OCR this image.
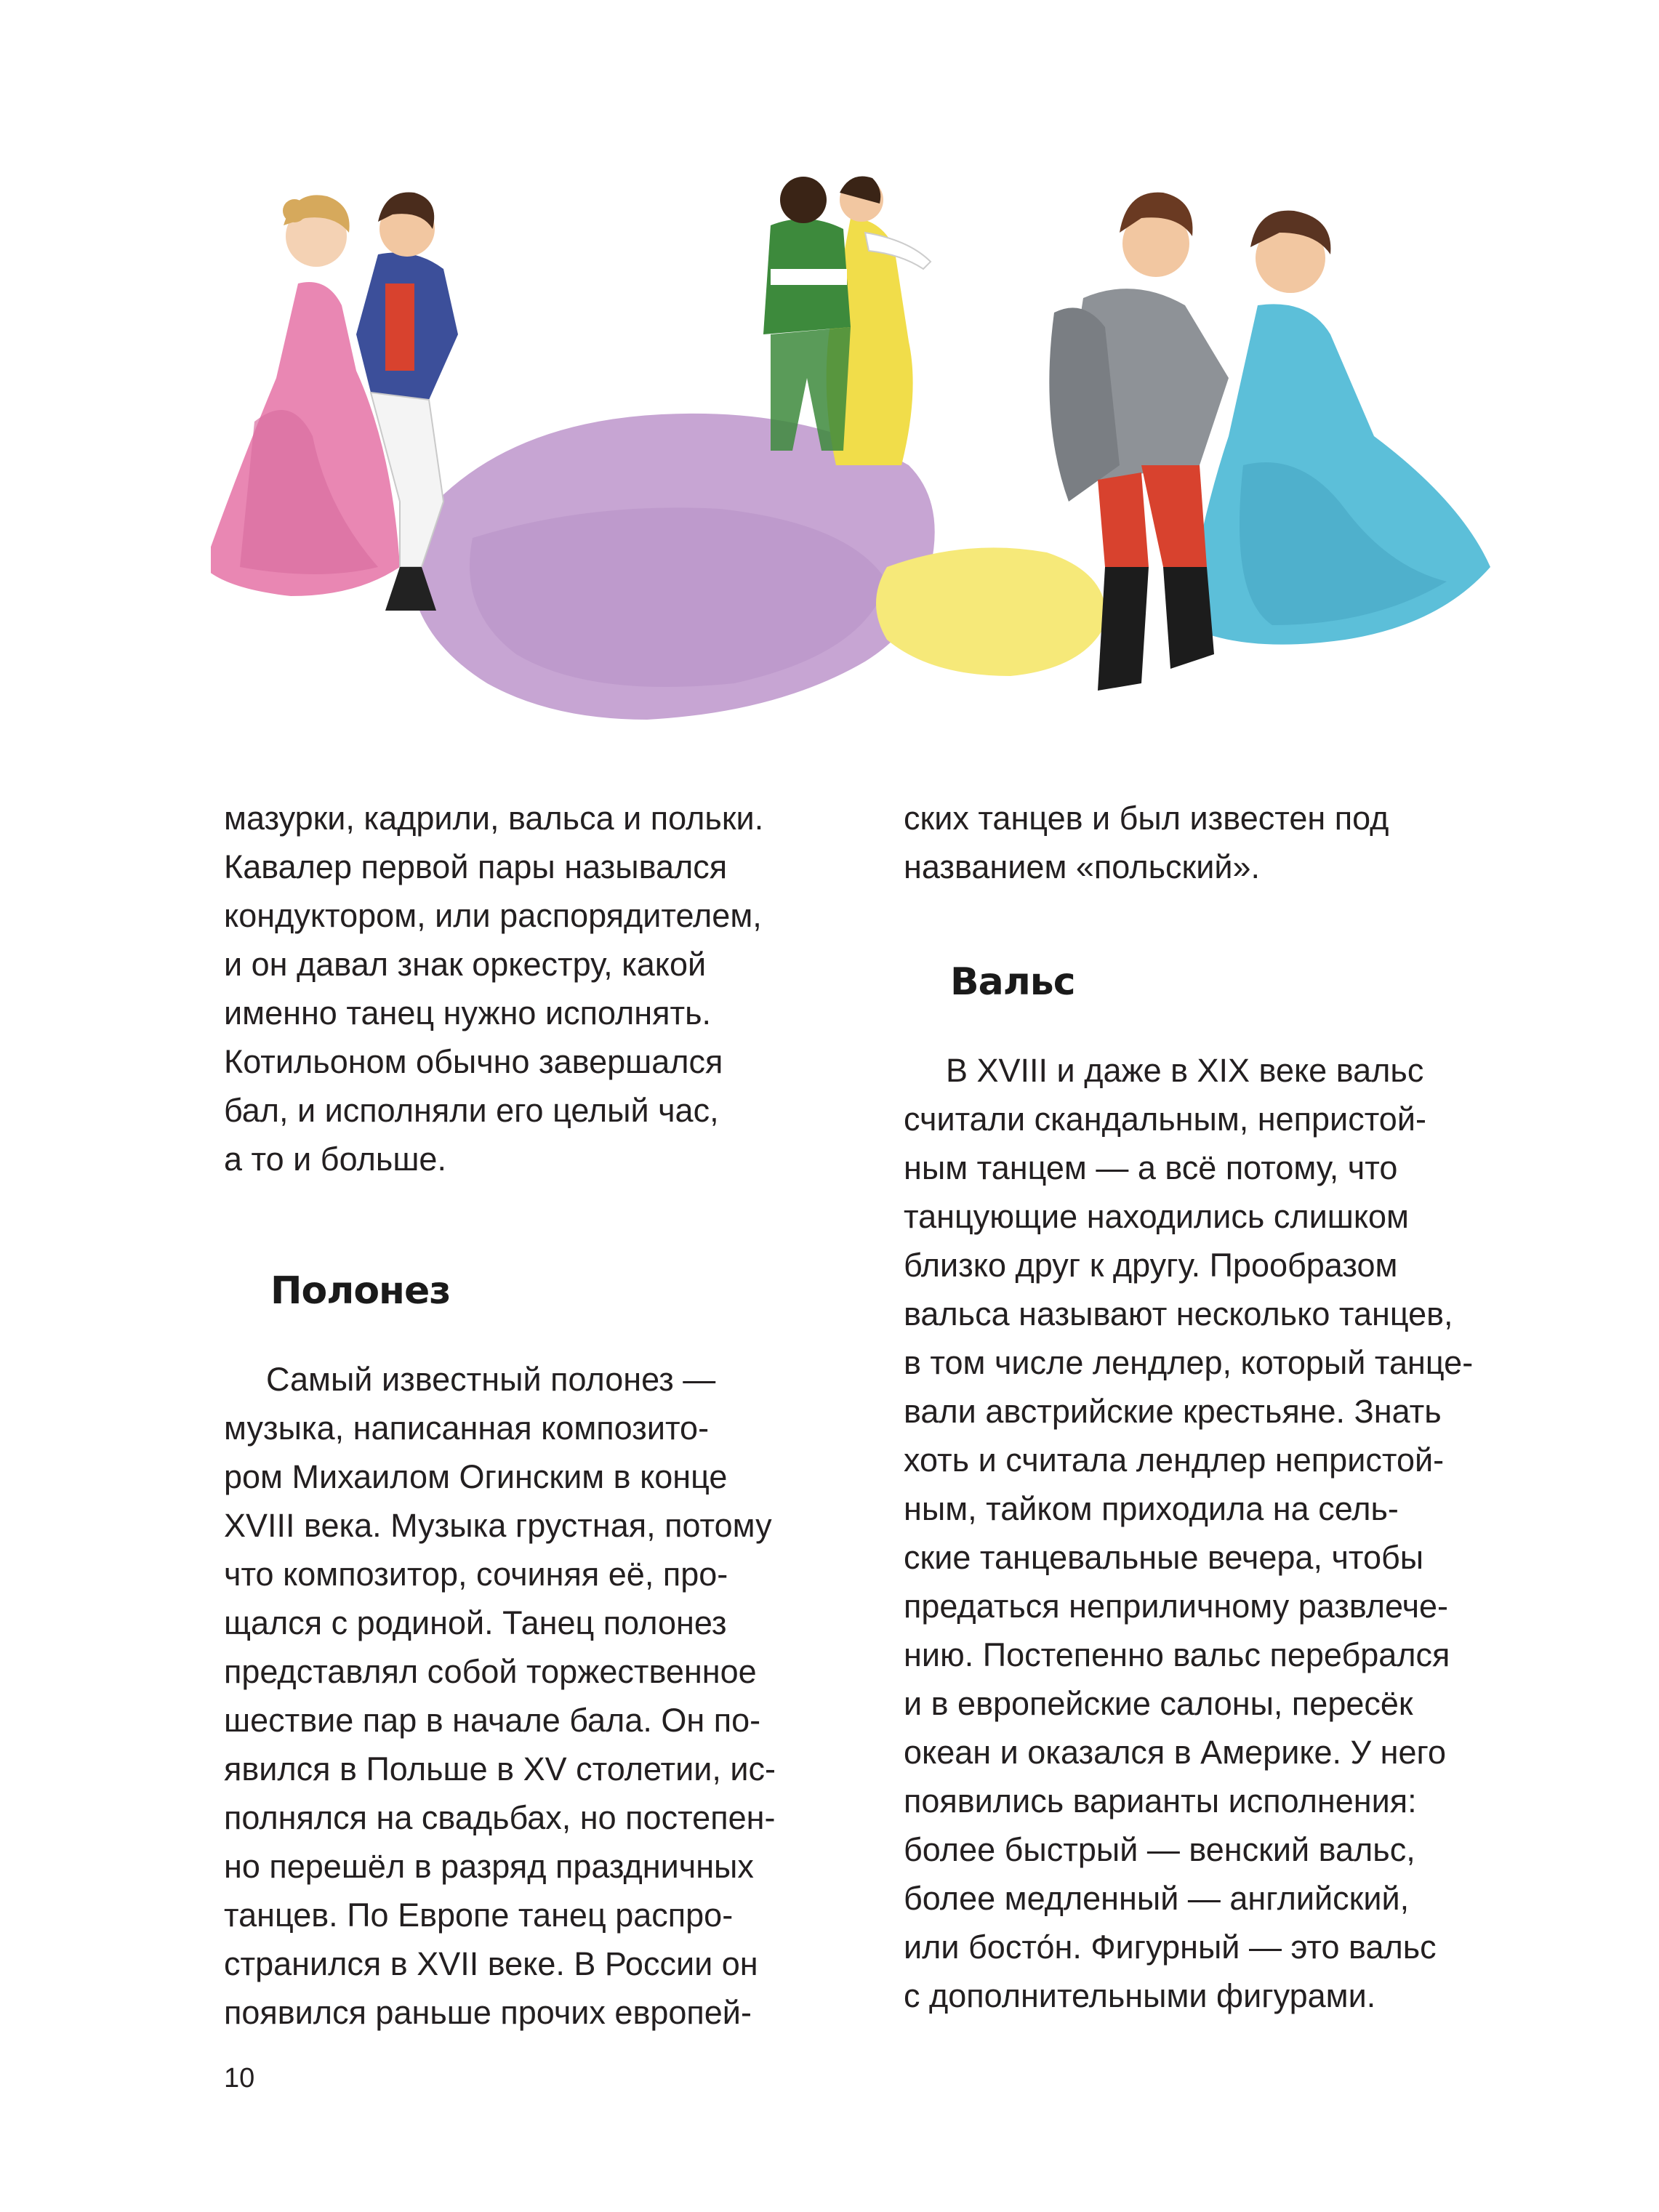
мазурки, кадрили, вальса и польки.
Кавалер первой пары назывался
кондуктором, или распорядителем,
и он давал знак оркестру, какой
именно танец нужно исполнять.
Котильоном обычно завершался
бал, и исполняли его целый час,
а то и больше.

Полонез

Самый известный полонез —
музыка, написанная композито-
ром Михаилом Огинским в конце
XVIII века. Музыка грустная, потому
что композитор, сочиняя её, про-
щался с родиной. Танец полонез
представлял собой торжественное
шествие пар в начале бала. Он по-
явился в Польше в XV столетии, ис-
полнялся на свадьбах, но постепен-
но перешёл в разряд праздничных
танцев. По Европе танец распро-
странился в XVII веке. В России он
появился раньше прочих европей-

ских танцев и был известен под
названием «польский».

Вальс

В XVIII и даже в XIX веке вальс
считали скандальным, непристой-
ным танцем — а всё потому, что
танцующие находились слишком
близко друг к другу. Прообразом
вальса называют несколько танцев,
в том числе лендлер, который танце-
вали австрийские крестьяне. Знать
хоть и считала лендлер непристой-
ным, тайком приходила на сель-
ские танцевальные вечера, чтобы
предаться неприличному развлече-
нию. Постепенно вальс перебрался
и в европейские салоны, пересёк
океан и оказался в Америке. У него
появились варианты исполнения:
более быстрый — венский вальс,
более медленный — английский,
или босто́н. Фигурный — это вальс
с дополнительными фигурами.

10
